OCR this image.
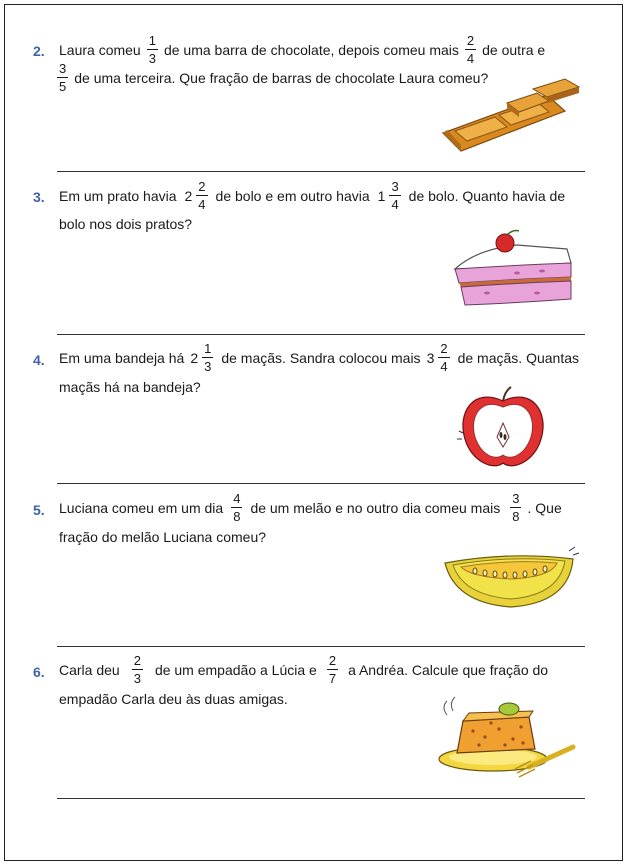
2. Laura comeu $\frac{1}{3}$ de uma barra de chocolate, depois comeu mais $\frac{2}{4}$ de outra e
$\frac{3}{5}$ de uma terceira. Que fração de barras de chocolate Laura comeu?
3. Em um prato havia $2 \frac{2}{4}$ de bolo e em outro havia $1 \frac{3}{4}$ de bolo. Quanto havia de
bolo nos dois pratos?
4. Em uma bandeja há $2 \frac{1}{3}$ de maçãs. Sandra colocou mais $3 \frac{2}{4}$ de maçãs. Quantas
maçãs há na bandeja?
5. Luciana comeu em um dia $\frac{4}{8}$ de um melão e no outro dia comeu mais $\frac{3}{8}$ . Que
fração do melão Luciana comeu?
6. Carla deu $\frac{2}{3}$ de um empadão a Lúcia e $\frac{2}{7}$ a Andréa. Calcule que fração do
empadão Carla deu às duas amigas.
